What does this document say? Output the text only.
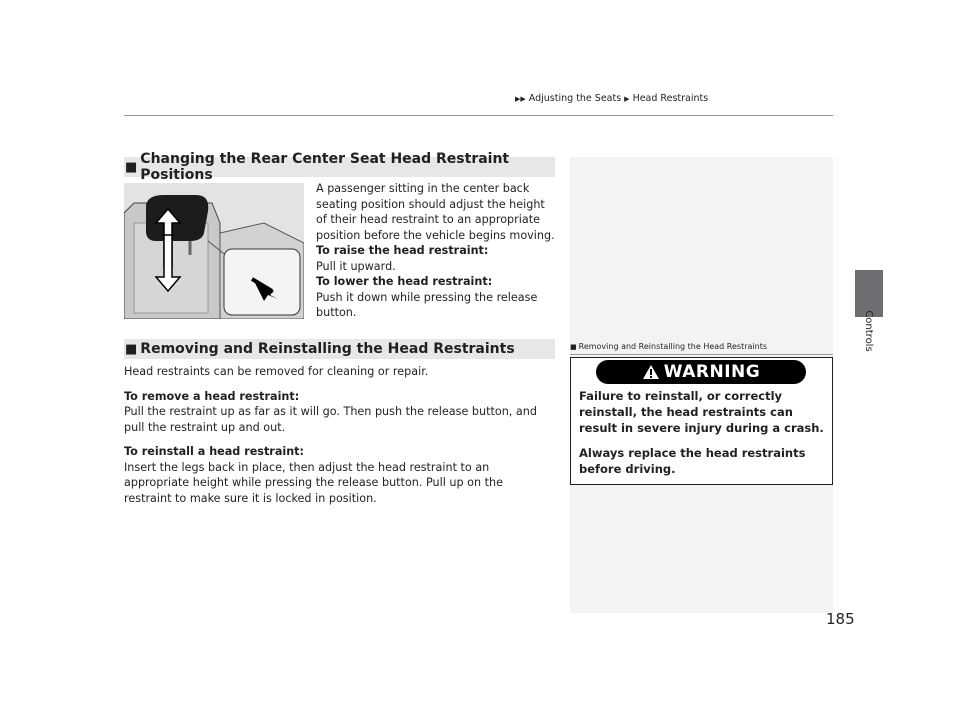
▶▶ Adjusting the Seats ▶ Head Restraints
Controls
■ Changing the Rear Center Seat Head Restraint Positions
A passenger sitting in the center back seating position should adjust the height of their head restraint to an appropriate position before the vehicle begins moving.
To raise the head restraint:
Pull it upward.
To lower the head restraint:
Push it down while pressing the release button.
■ Removing and Reinstalling the Head Restraints
Head restraints can be removed for cleaning or repair.
To remove a head restraint:
Pull the restraint up as far as it will go. Then push the release button, and pull the restraint up and out.
To reinstall a head restraint:
Insert the legs back in place, then adjust the head restraint to an appropriate height while pressing the release button. Pull up on the restraint to make sure it is locked in position.
■ Removing and Reinstalling the Head Restraints
WARNING
Failure to reinstall, or correctly reinstall, the head restraints can result in severe injury during a crash.
Always replace the head restraints before driving.
185
